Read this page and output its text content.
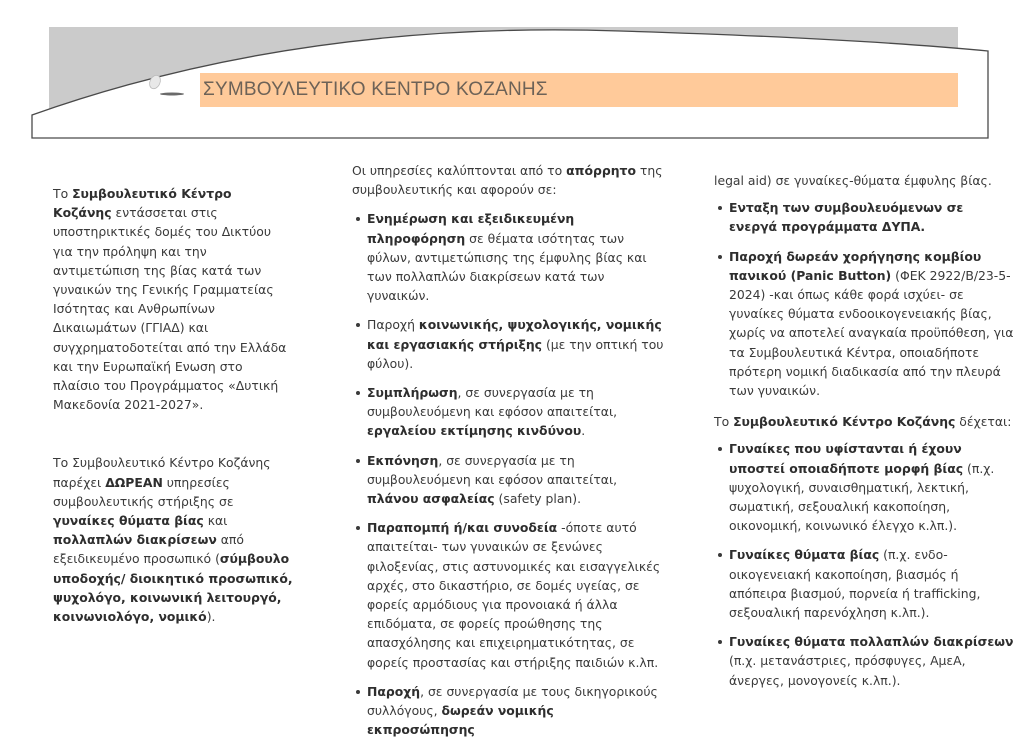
ΣΥΜΒΟΥΛΕΥΤΙΚΟ ΚΕΝΤΡΟ ΚΟΖΑΝΗΣ

Το Συμβουλευτικό Κέντρο Κοζάνης εντάσσεται στις υποστηρικτικές δομές του Δικτύου για την πρόληψη και την αντιμετώπιση της βίας κατά των γυναικών της Γενικής Γραμματείας Ισότητας και Ανθρωπίνων Δικαιωμάτων (ΓΓΙΑΔ) και συγχρηματοδοτείται από την Ελλάδα και την Ευρωπαϊκή Ενωση στο πλαίσιο του Προγράμματος «Δυτική Μακεδονία 2021-2027».

Το Συμβουλευτικό Κέντρο Κοζάνης παρέχει ΔΩΡΕΑΝ υπηρεσίες συμβουλευτικής στήριξης σε γυναίκες θύματα βίας και πολλαπλών διακρίσεων από εξειδικευμένο προσωπικό (σύμβουλο υποδοχής/ διοικητικό προσωπικό, ψυχολόγο, κοινωνική λειτουργό, κοινωνιολόγο, νομικό).

Οι υπηρεσίες καλύπτονται από το απόρρητο της συμβουλευτικής και αφορούν σε:

Ενημέρωση και εξειδικευμένη πληροφόρηση σε θέματα ισότητας των φύλων, αντιμετώπισης της έμφυλης βίας και των πολλαπλών διακρίσεων κατά των γυναικών.
Παροχή κοινωνικής, ψυχολογικής, νομικής και εργασιακής στήριξης (με την οπτική του φύλου).
Συμπλήρωση, σε συνεργασία με τη συμβουλευόμενη και εφόσον απαιτείται, εργαλείου εκτίμησης κινδύνου.
Εκπόνηση, σε συνεργασία με τη συμβουλευόμενη και εφόσον απαιτείται, πλάνου ασφαλείας (safety plan).
Παραπομπή ή/και συνοδεία -όποτε αυτό απαιτείται- των γυναικών σε ξενώνες φιλοξενίας, στις αστυνομικές και εισαγγελικές αρχές, στο δικαστήριο, σε δομές υγείας, σε φορείς αρμόδιους για προνοιακά ή άλλα επιδόματα, σε φορείς προώθησης της απασχόλησης και επιχειρηματικότητας, σε φορείς προστασίας και στήριξης παιδιών κ.λπ.
Παροχή, σε συνεργασία με τους δικηγορικούς συλλόγους, δωρεάν νομικής εκπροσώπησης

legal aid) σε γυναίκες-θύματα έμφυλης βίας.

Ενταξη των συμβουλευόμενων σε ενεργά προγράμματα ΔΥΠΑ.
Παροχή δωρεάν χορήγησης κομβίου πανικού (Panic Button) (ΦΕΚ 2922/Β/23-5-2024) -και όπως κάθε φορά ισχύει- σε γυναίκες θύματα ενδοοικογενειακής βίας, χωρίς να αποτελεί αναγκαία προϋπόθεση, για τα Συμβουλευτικά Κέντρα, οποιαδήποτε πρότερη νομική διαδικασία από την πλευρά των γυναικών.

Το Συμβουλευτικό Κέντρο Κοζάνης δέχεται:

Γυναίκες που υφίστανται ή έχουν υποστεί οποιαδήποτε μορφή βίας (π.χ. ψυχολογική, συναισθηματική, λεκτική, σωματική, σεξουαλική κακοποίηση, οικονομική, κοινωνικό έλεγχο κ.λπ.).
Γυναίκες θύματα βίας (π.χ. ενδο-οικογενειακή κακοποίηση, βιασμός ή απόπειρα βιασμού, πορνεία ή trafficking, σεξουαλική παρενόχληση κ.λπ.).
Γυναίκες θύματα πολλαπλών διακρίσεων (π.χ. μετανάστριες, πρόσφυγες, ΑμεΑ, άνεργες, μονογονείς κ.λπ.).
